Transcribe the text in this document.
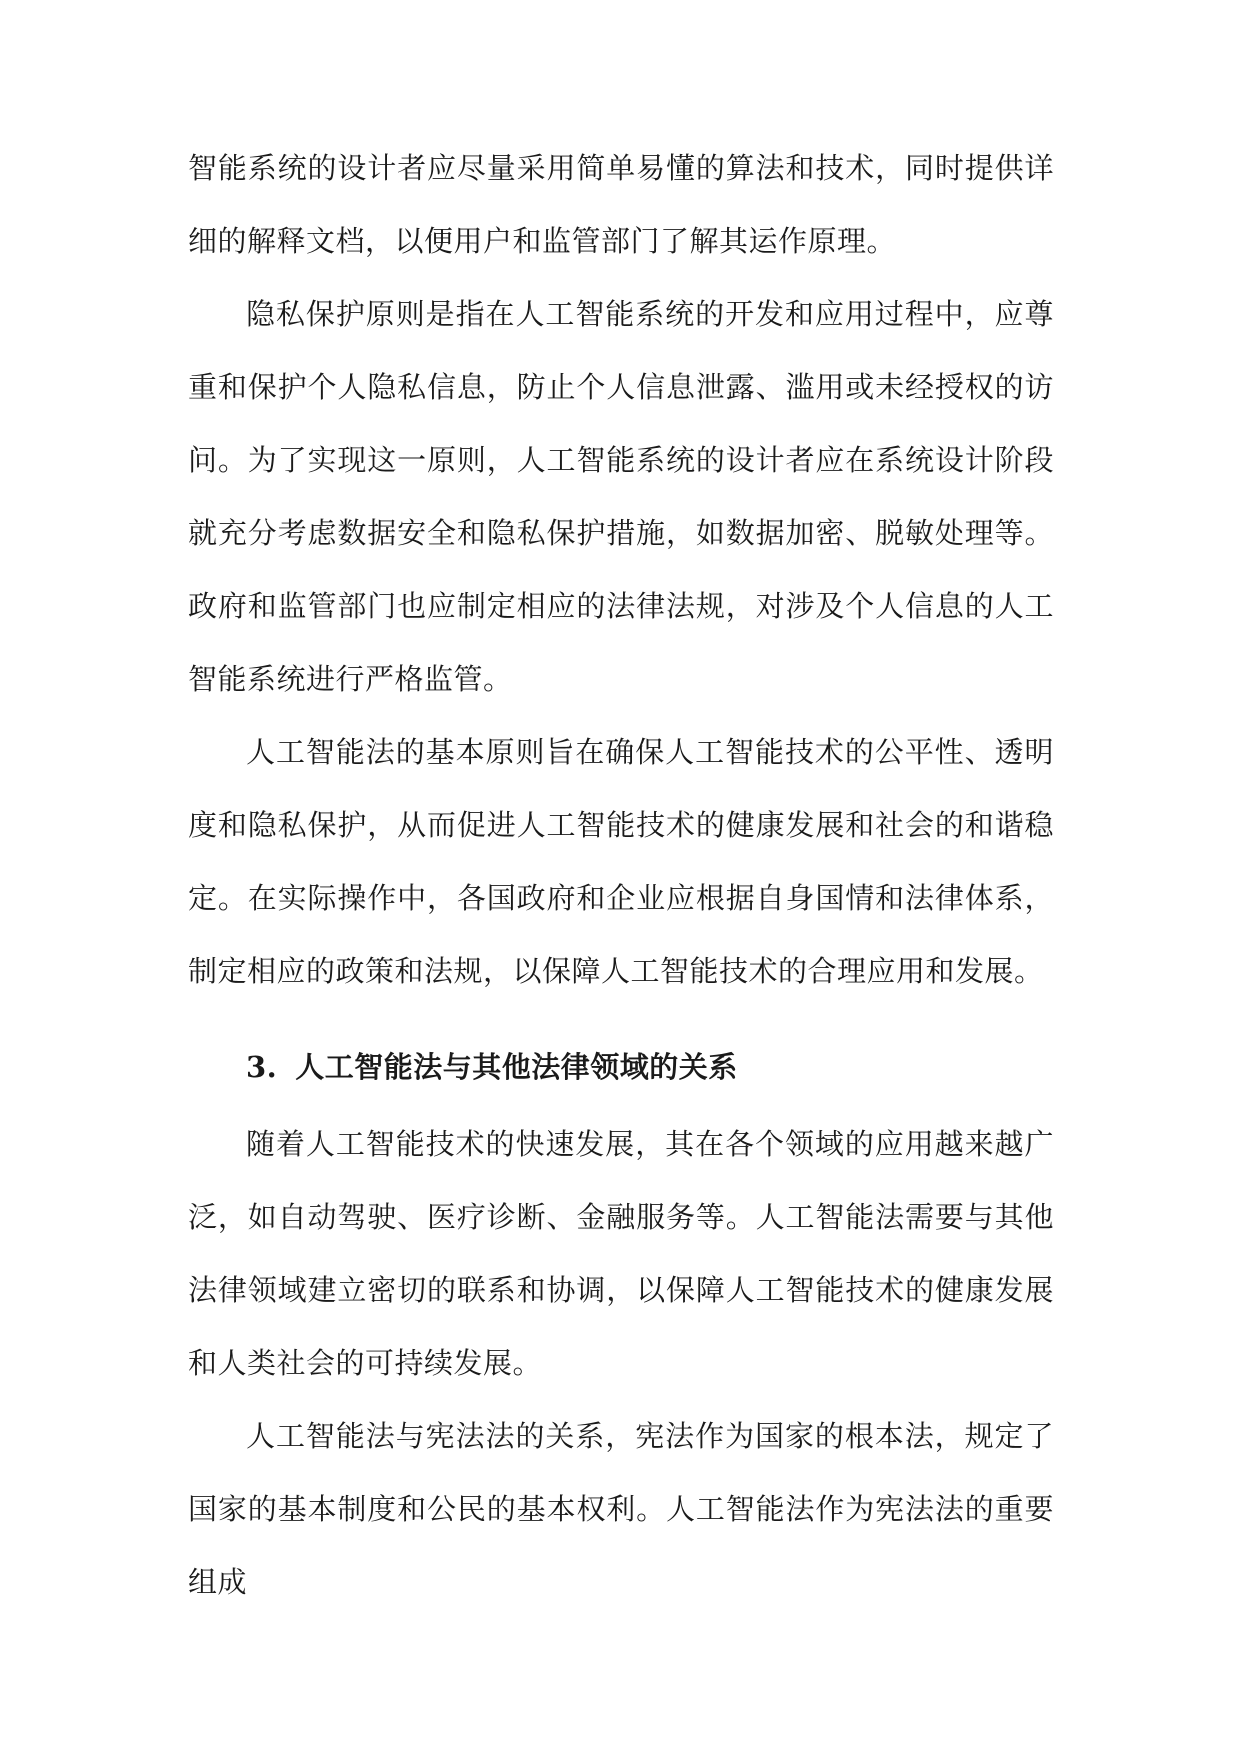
智能系统的设计者应尽量采用简单易懂的算法和技术，同时提供详细的解释文档，以便用户和监管部门了解其运作原理。

隐私保护原则是指在人工智能系统的开发和应用过程中，应尊重和保护个人隐私信息，防止个人信息泄露、滥用或未经授权的访问。为了实现这一原则，人工智能系统的设计者应在系统设计阶段就充分考虑数据安全和隐私保护措施，如数据加密、脱敏处理等。政府和监管部门也应制定相应的法律法规，对涉及个人信息的人工智能系统进行严格监管。

人工智能法的基本原则旨在确保人工智能技术的公平性、透明度和隐私保护，从而促进人工智能技术的健康发展和社会的和谐稳定。在实际操作中，各国政府和企业应根据自身国情和法律体系，制定相应的政策和法规，以保障人工智能技术的合理应用和发展。

3. 人工智能法与其他法律领域的关系

随着人工智能技术的快速发展，其在各个领域的应用越来越广泛，如自动驾驶、医疗诊断、金融服务等。人工智能法需要与其他法律领域建立密切的联系和协调，以保障人工智能技术的健康发展和人类社会的可持续发展。

人工智能法与宪法法的关系，宪法作为国家的根本法，规定了国家的基本制度和公民的基本权利。人工智能法作为宪法法的重要组成
